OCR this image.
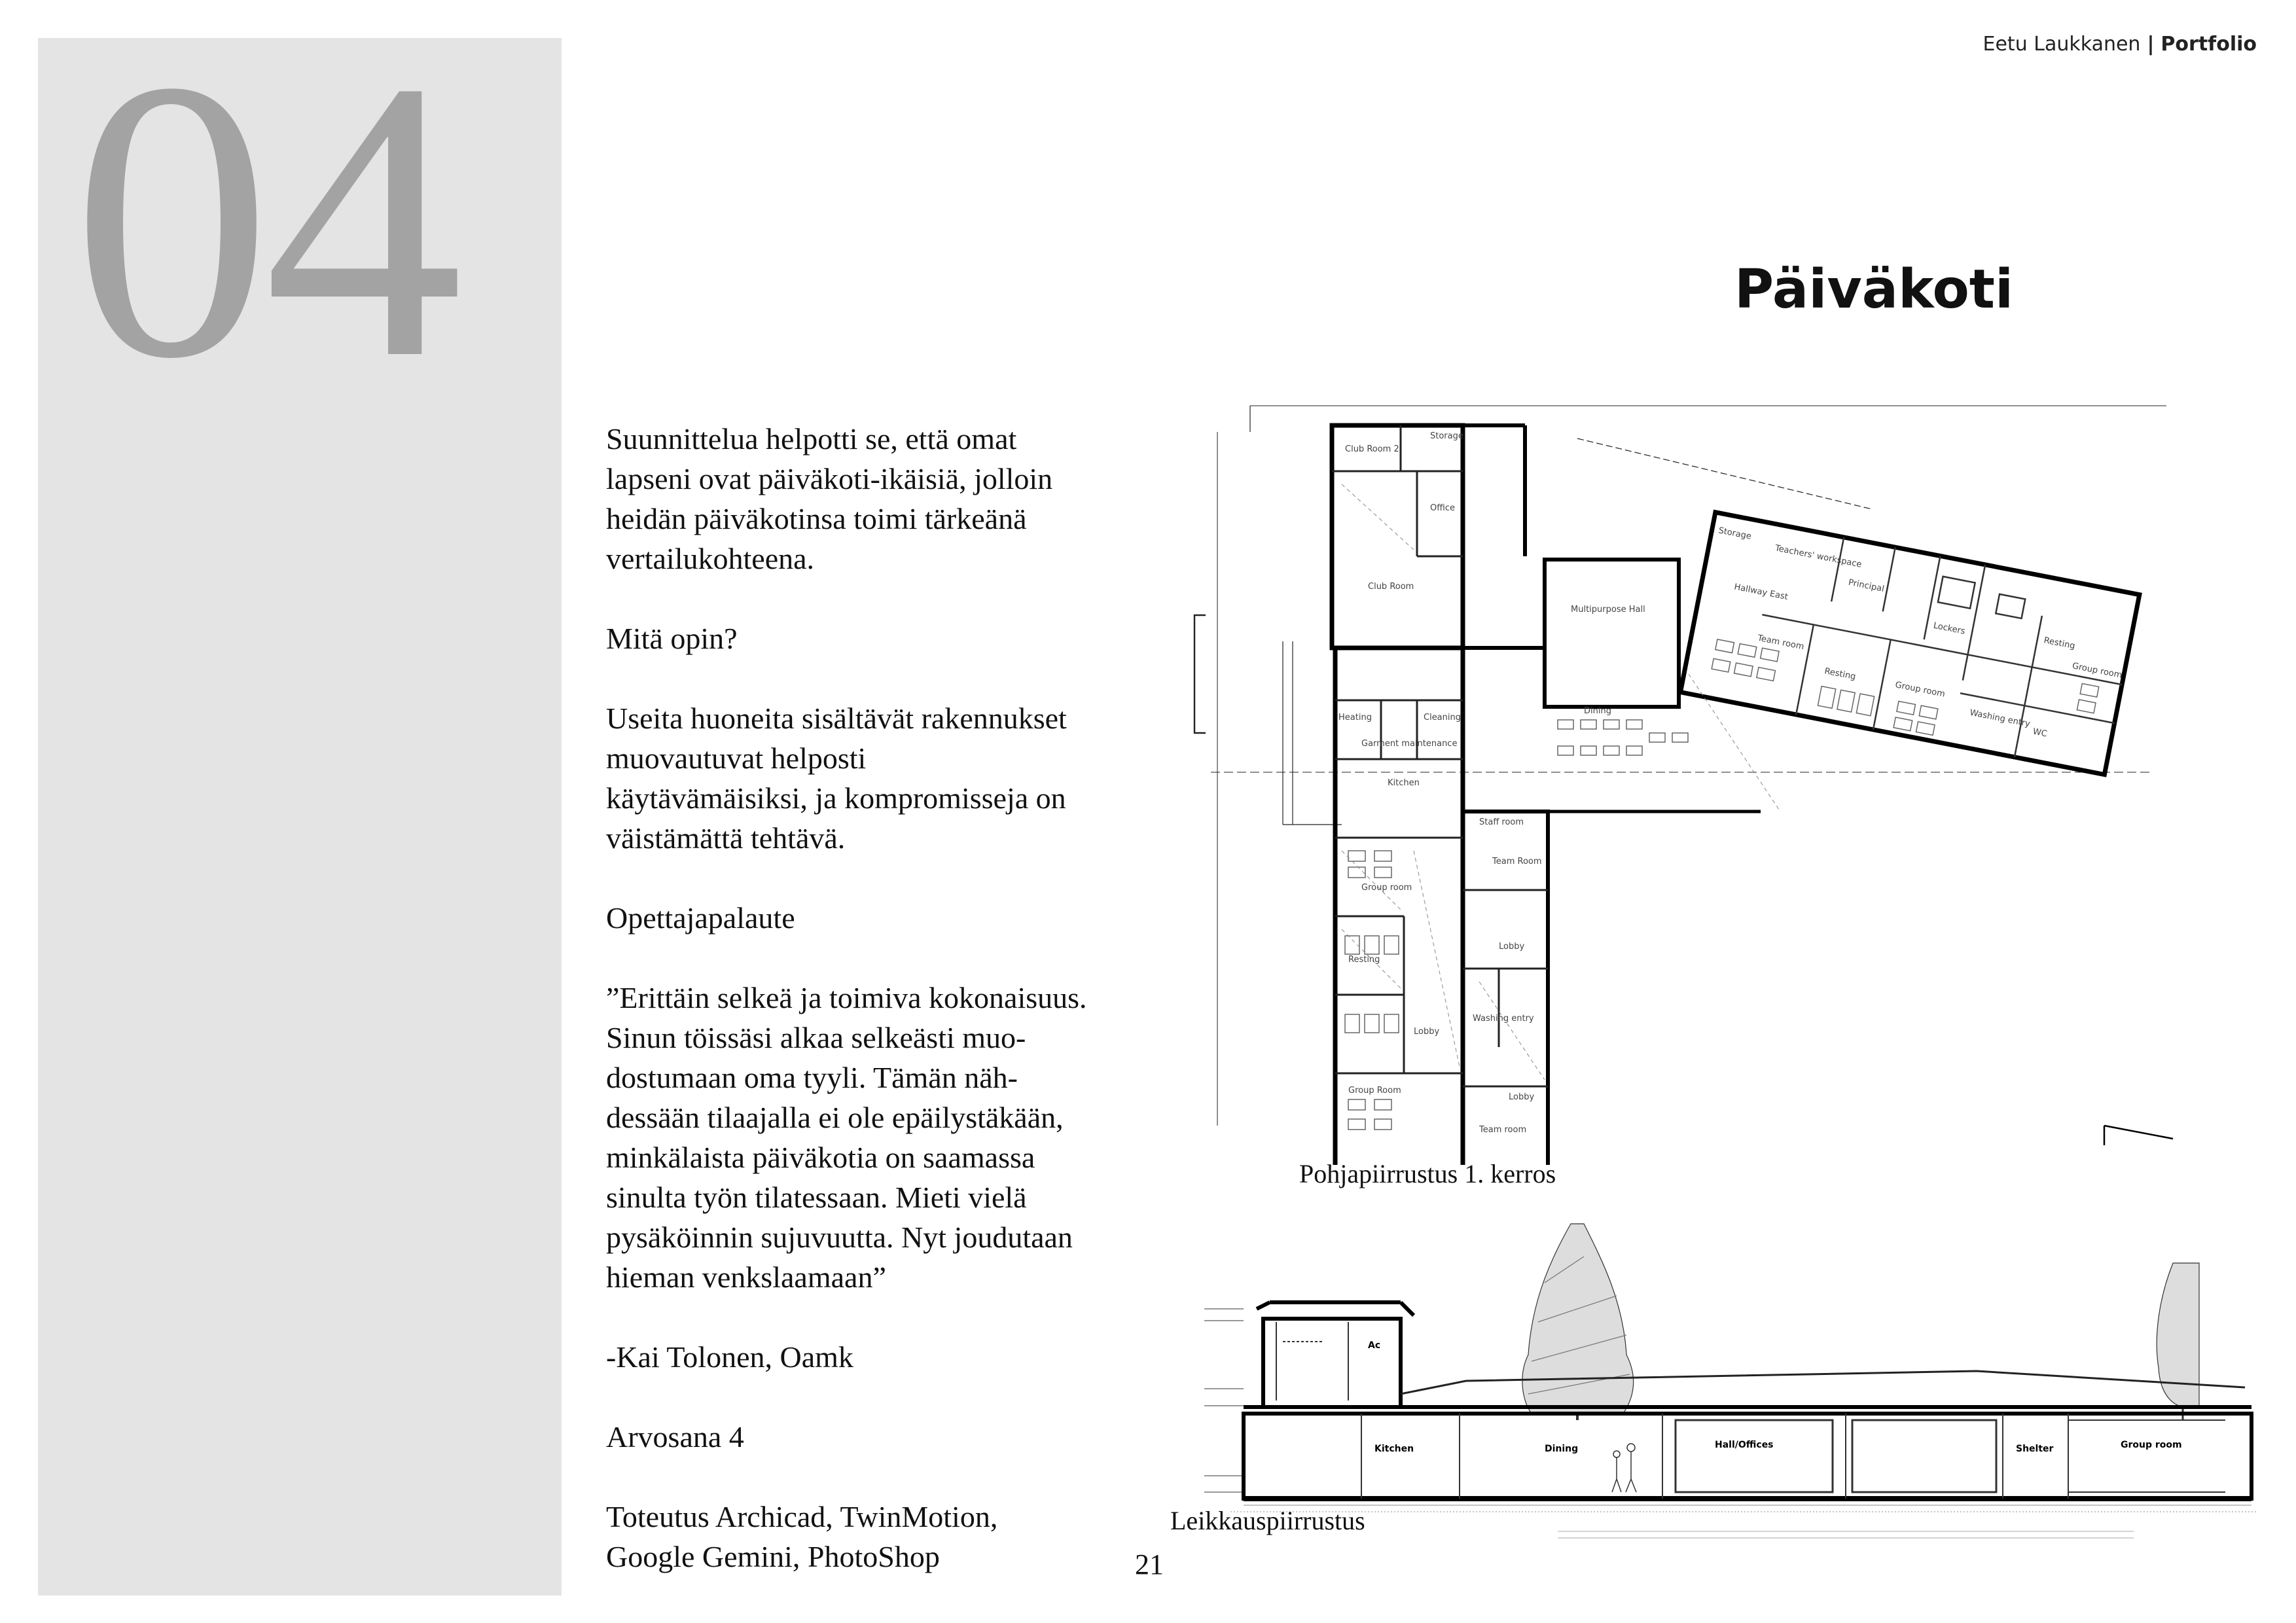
04	Eetu Laukkanen | Portfolio
Päiväkoti

Suunnittelua helpotti se, että omat
lapseni ovat päiväkoti-ikäisiä, jolloin
heidän päiväkotinsa toimi tärkeänä
vertailukohteena.

Mitä opin?

Useita huoneita sisältävät rakennukset
muovautuvat helposti
käytävämäisiksi, ja kompromisseja on
väistämättä tehtävä.

Opettajapalaute

”Erittäin selkeä ja toimiva kokonaisuus.
Sinun töissäsi alkaa selkeästi muo-
dostumaan oma tyyli. Tämän näh-
dessään tilaajalla ei ole epäilystäkään,
minkälaista päiväkotia on saamassa
sinulta työn tilatessaan. Mieti vielä
pysäköinnin sujuvuutta. Nyt joudutaan
hieman venkslaamaan”

-Kai Tolonen, Oamk

Arvosana 4

Toteutus Archicad, TwinMotion,
Google Gemini, PhotoShop

Storage
Teachers' workspace
Principal
Hallway East
Lockers
Resting
Group room
Team room
Resting
Group room
Washing entry
WC
Storage
Club Room 2
Office
Club Room
Multipurpose Hall
Heating	Cleaning
Garment maintenance
Kitchen
Dining
Staff room
Team Room
Group room
Lobby
Resting
Lobby
Washing entry
Group Room
Team room
Lobby
Pohjapiirrustus 1. kerros
Kitchen	Dining	Hall/Offices	Shelter	Group room
Ac
Leikkauspiirrustus
21
